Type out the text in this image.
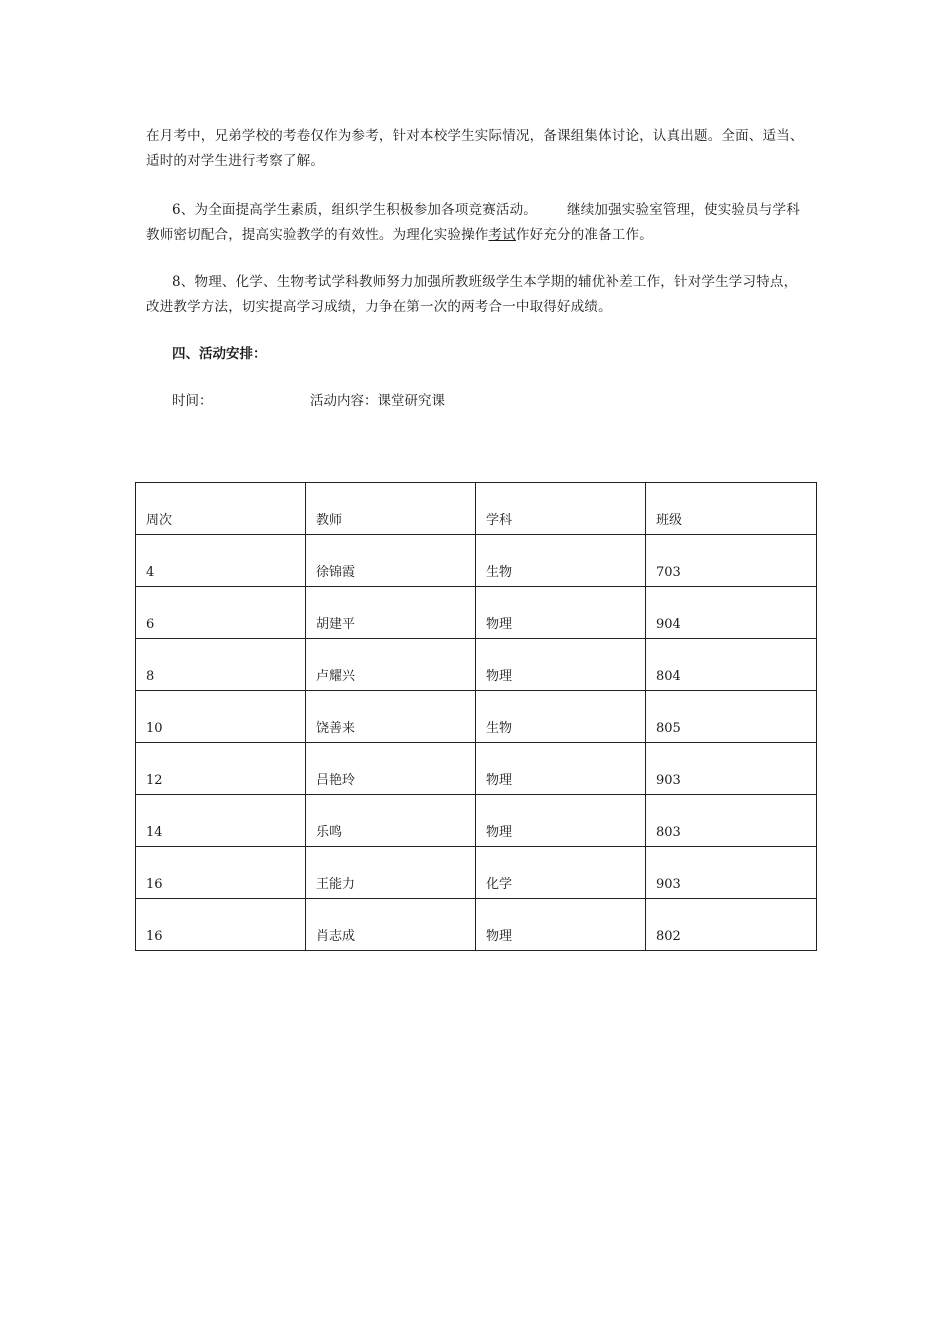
在月考中，兄弟学校的考卷仅作为参考，针对本校学生实际情况，备课组集体讨论，认真出题。全面、适当、适时的对学生进行考察了解。

6、为全面提高学生素质，组织学生积极参加各项竞赛活动。 继续加强实验室管理，使实验员与学科教师密切配合，提高实验教学的有效性。为理化实验操作考试作好充分的准备工作。

8、物理、化学、生物考试学科教师努力加强所教班级学生本学期的辅优补差工作，针对学生学习特点，改进教学方法，切实提高学习成绩，力争在第一次的两考合一中取得好成绩。

四、活动安排：

时间：	活动内容：课堂研究课
周次	教师	学科	班级
4	徐锦霞	生物	703
6	胡建平	物理	904
8	卢耀兴	物理	804
10	饶善来	生物	805
12	吕艳玲	物理	903
14	乐鸣	物理	803
16	王能力	化学	903
16	肖志成	物理	802
